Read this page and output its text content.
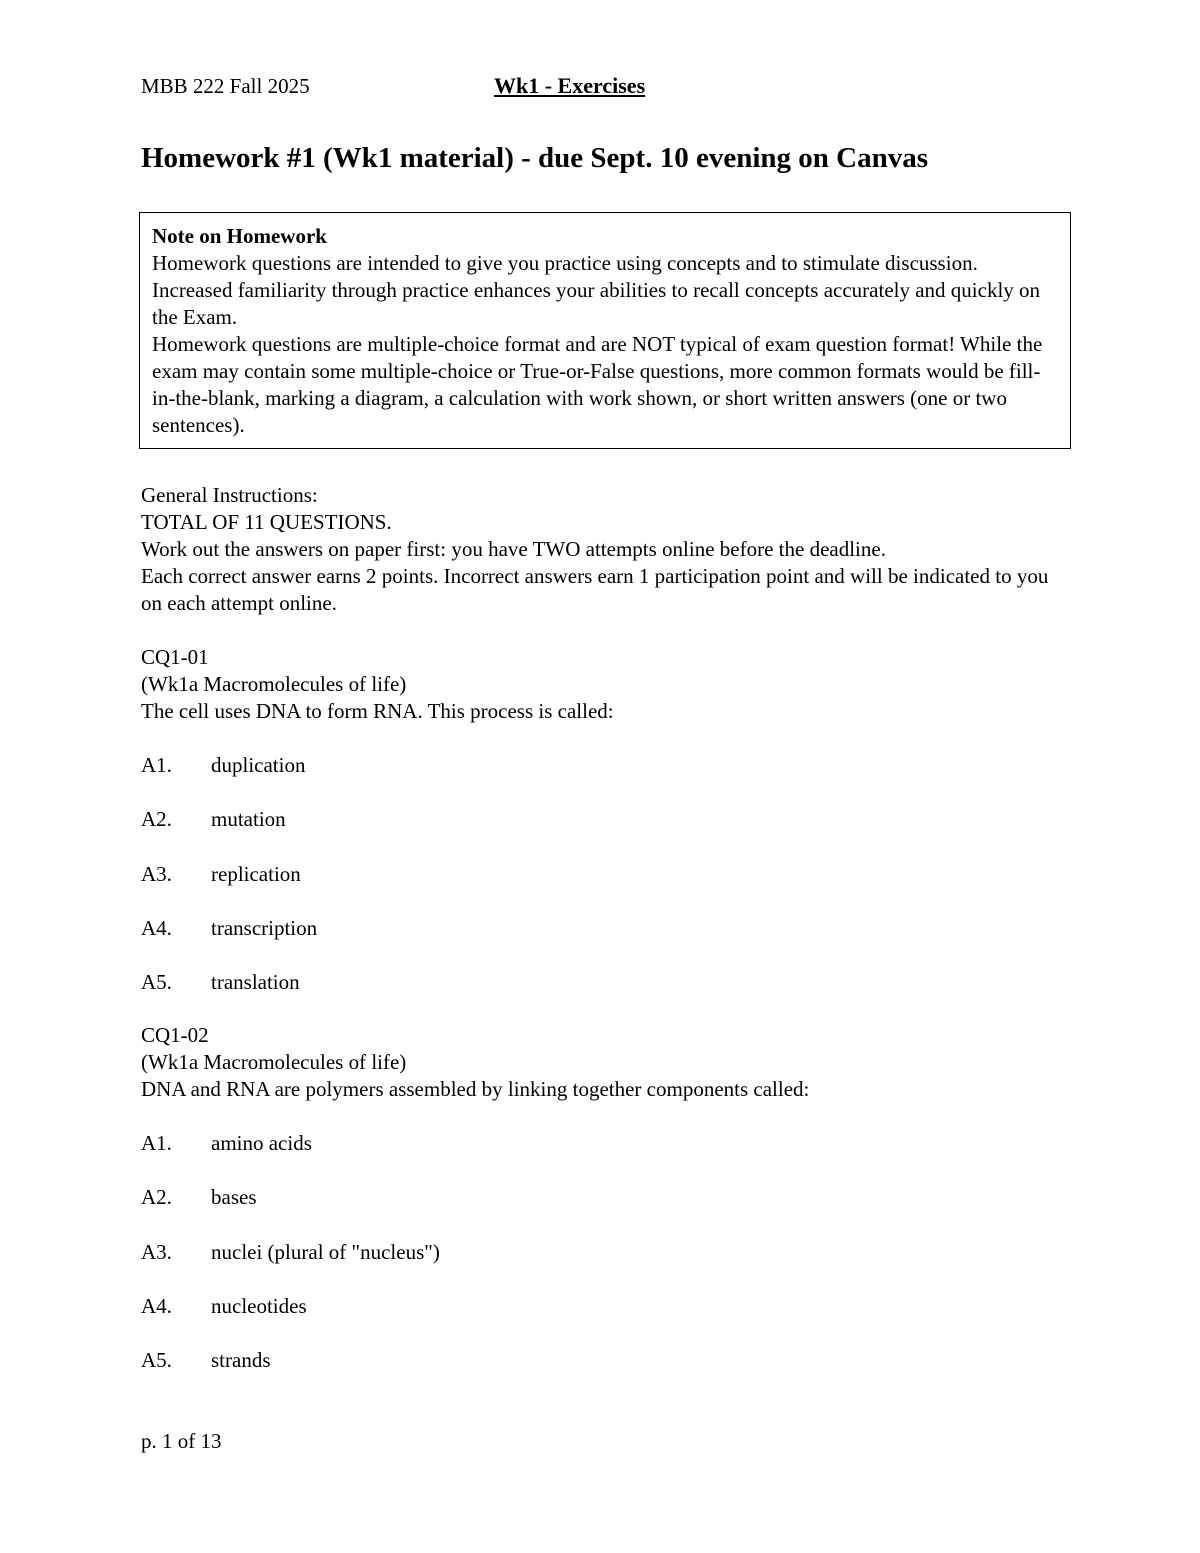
MBB 222 Fall 2025	Wk1 - Exercises
Homework #1 (Wk1 material) - due Sept. 10 evening on Canvas
Note on Homework
Homework questions are intended to give you practice using concepts and to stimulate discussion. Increased familiarity through practice enhances your abilities to recall concepts accurately and quickly on the Exam.
Homework questions are multiple-choice format and are NOT typical of exam question format! While the exam may contain some multiple-choice or True-or-False questions, more common formats would be fill-in-the-blank, marking a diagram, a calculation with work shown, or short written answers (one or two sentences).
General Instructions:
TOTAL OF 11 QUESTIONS.
Work out the answers on paper first: you have TWO attempts online before the deadline.
Each correct answer earns 2 points. Incorrect answers earn 1 participation point and will be indicated to you on each attempt online.
CQ1-01
(Wk1a Macromolecules of life)
The cell uses DNA to form RNA. This process is called:
A1.	duplication
A2.	mutation
A3.	replication
A4.	transcription
A5.	translation
CQ1-02
(Wk1a Macromolecules of life)
DNA and RNA are polymers assembled by linking together components called:
A1.	amino acids
A2.	bases
A3.	nuclei (plural of "nucleus")
A4.	nucleotides
A5.	strands
p. 1 of 13
